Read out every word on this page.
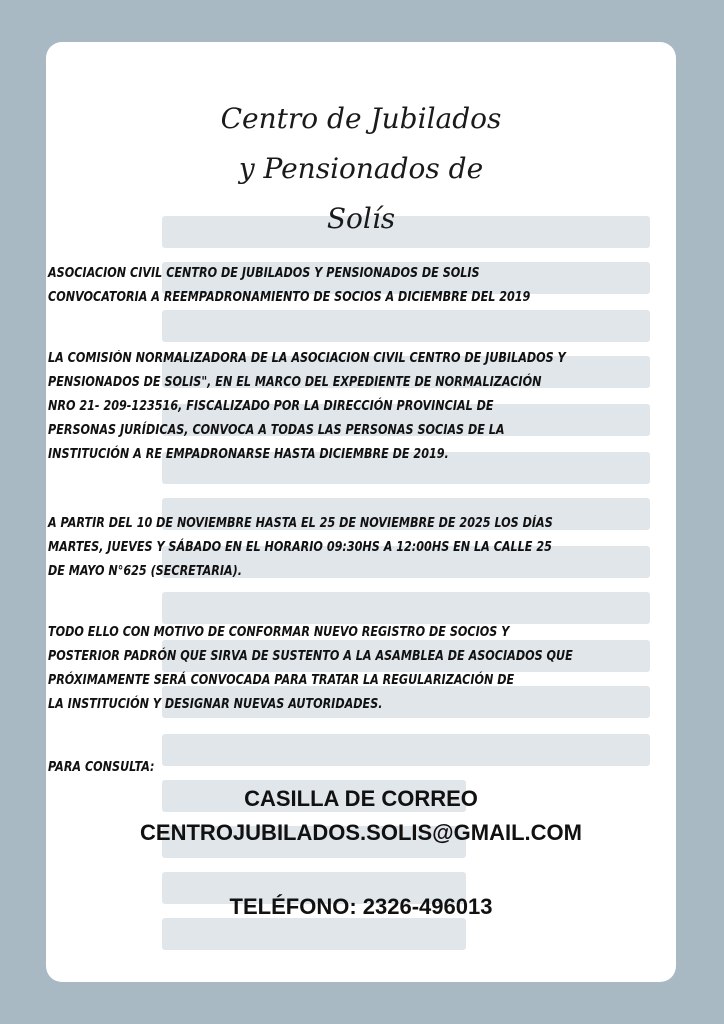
Centro de Jubilados
y Pensionados de
Solís
ASOCIACION CIVIL CENTRO DE JUBILADOS Y PENSIONADOS DE SOLIS
CONVOCATORIA A REEMPADRONAMIENTO DE SOCIOS A DICIEMBRE DEL 2019
LA COMISIÓN NORMALIZADORA DE LA ASOCIACION CIVIL CENTRO DE JUBILADOS Y
PENSIONADOS DE SOLIS", EN EL MARCO DEL EXPEDIENTE DE NORMALIZACIÓN
NRO 21- 209-123516, FISCALIZADO POR LA DIRECCIÓN PROVINCIAL DE
PERSONAS JURÍDICAS, CONVOCA A TODAS LAS PERSONAS SOCIAS DE LA
INSTITUCIÓN A RE EMPADRONARSE HASTA DICIEMBRE DE 2019.
A PARTIR DEL 10 DE NOVIEMBRE HASTA EL 25 DE NOVIEMBRE DE 2025 LOS DÍAS
MARTES, JUEVES Y SÁBADO EN EL HORARIO 09:30HS A 12:00HS EN LA CALLE 25
DE MAYO N°625 (SECRETARIA).
TODO ELLO CON MOTIVO DE CONFORMAR NUEVO REGISTRO DE SOCIOS Y
POSTERIOR PADRÓN QUE SIRVA DE SUSTENTO A LA ASAMBLEA DE ASOCIADOS QUE
PRÓXIMAMENTE SERÁ CONVOCADA PARA TRATAR LA REGULARIZACIÓN DE
LA INSTITUCIÓN Y DESIGNAR NUEVAS AUTORIDADES.
PARA CONSULTA:
CASILLA DE CORREO
CENTROJUBILADOS.SOLIS@GMAIL.COM
TELÉFONO: 2326-496013
